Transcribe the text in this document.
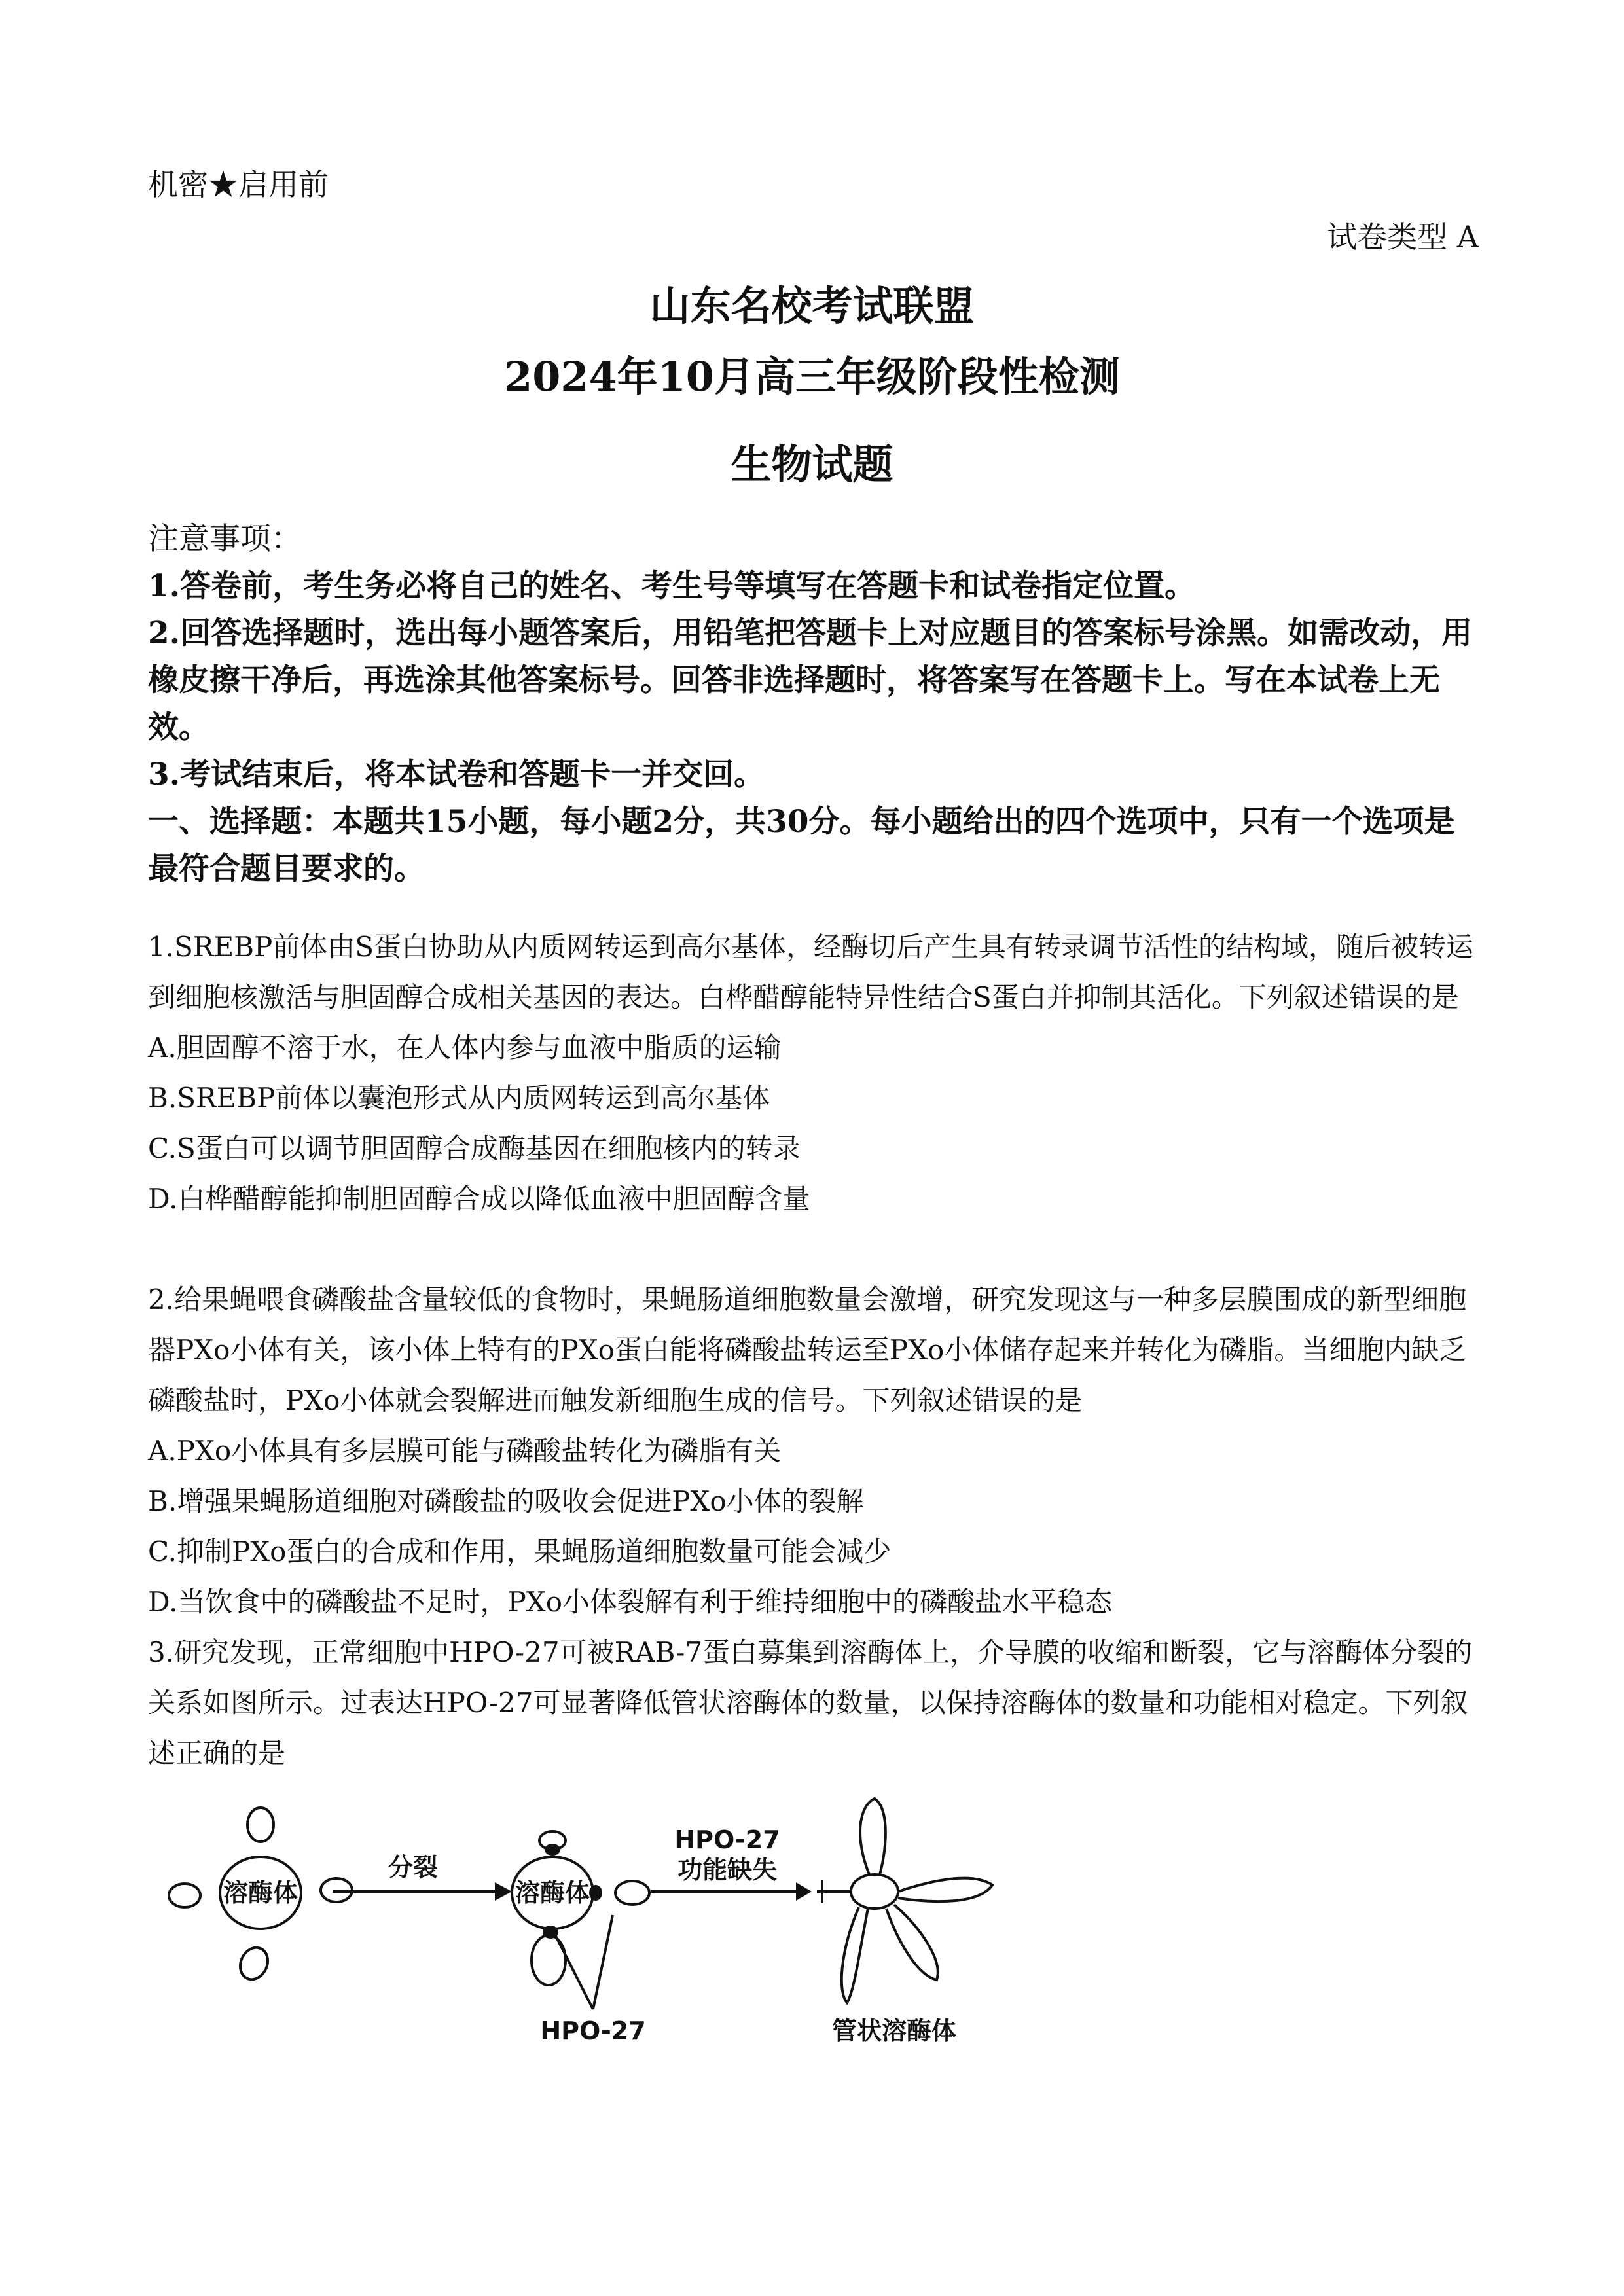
机密★启用前
试卷类型 A
山东名校考试联盟
2024年10月高三年级阶段性检测
生物试题

注意事项：

1.答卷前，考生务必将自己的姓名、考生号等填写在答题卡和试卷指定位置。

2.回答选择题时，选出每小题答案后，用铅笔把答题卡上对应题目的答案标号涂黑。如需改动，用橡皮擦干净后，再选涂其他答案标号。回答非选择题时，将答案写在答题卡上。写在本试卷上无效。

3.考试结束后，将本试卷和答题卡一并交回。

一、选择题：本题共15小题，每小题2分，共30分。每小题给出的四个选项中，只有一个选项是最符合题目要求的。

1.SREBP前体由S蛋白协助从内质网转运到高尔基体，经酶切后产生具有转录调节活性的结构域，随后被转运到细胞核激活与胆固醇合成相关基因的表达。白桦醋醇能特异性结合S蛋白并抑制其活化。下列叙述错误的是

A.胆固醇不溶于水，在人体内参与血液中脂质的运输

B.SREBP前体以囊泡形式从内质网转运到高尔基体

C.S蛋白可以调节胆固醇合成酶基因在细胞核内的转录

D.白桦醋醇能抑制胆固醇合成以降低血液中胆固醇含量

2.给果蝇喂食磷酸盐含量较低的食物时，果蝇肠道细胞数量会激增，研究发现这与一种多层膜围成的新型细胞器PXo小体有关，该小体上特有的PXo蛋白能将磷酸盐转运至PXo小体储存起来并转化为磷脂。当细胞内缺乏磷酸盐时，PXo小体就会裂解进而触发新细胞生成的信号。下列叙述错误的是

A.PXo小体具有多层膜可能与磷酸盐转化为磷脂有关

B.增强果蝇肠道细胞对磷酸盐的吸收会促进PXo小体的裂解

C.抑制PXo蛋白的合成和作用，果蝇肠道细胞数量可能会减少

D.当饮食中的磷酸盐不足时，PXo小体裂解有利于维持细胞中的磷酸盐水平稳态

3.研究发现，正常细胞中HPO-27可被RAB-7蛋白募集到溶酶体上，介导膜的收缩和断裂，它与溶酶体分裂的关系如图所示。过表达HPO-27可显著降低管状溶酶体的数量，以保持溶酶体的数量和功能相对稳定。下列叙述正确的是

溶酶体	溶酶体
分裂
HPO-27
功能缺失
HPO-27	管状溶酶体
